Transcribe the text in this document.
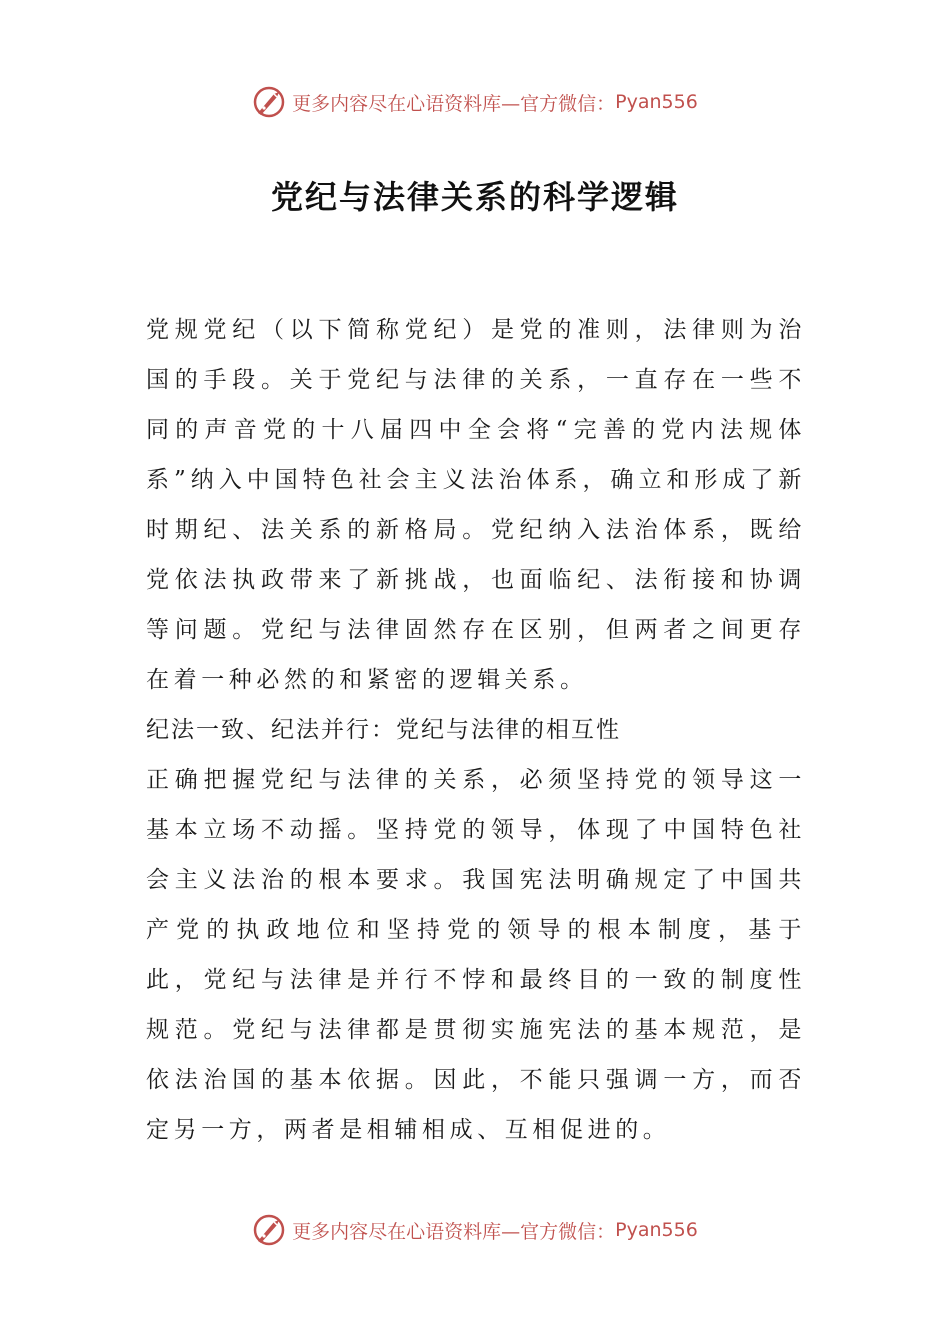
更多内容尽在心语资料库—官方微信： Pyan556
党纪与法律关系的科学逻辑

党规党纪（以下简称党纪）是党的准则，法律则为治国的手段。关于党纪与法律的关系，一直存在一些不同的声音党的十八届四中全会将“完善的党内法规体系”纳入中国特色社会主义法治体系，确立和形成了新时期纪、法关系的新格局。党纪纳入法治体系，既给党依法执政带来了新挑战，也面临纪、法衔接和协调等问题。党纪与法律固然存在区别，但两者之间更存在着一种必然的和紧密的逻辑关系。

纪法一致、纪法并行：党纪与法律的相互性

正确把握党纪与法律的关系，必须坚持党的领导这一基本立场不动摇。坚持党的领导，体现了中国特色社会主义法治的根本要求。我国宪法明确规定了中国共产党的执政地位和坚持党的领导的根本制度，基于此，党纪与法律是并行不悖和最终目的一致的制度性规范。党纪与法律都是贯彻实施宪法的基本规范，是依法治国的基本依据。因此，不能只强调一方，而否定另一方，两者是相辅相成、互相促进的。

更多内容尽在心语资料库—官方微信： Pyan556
